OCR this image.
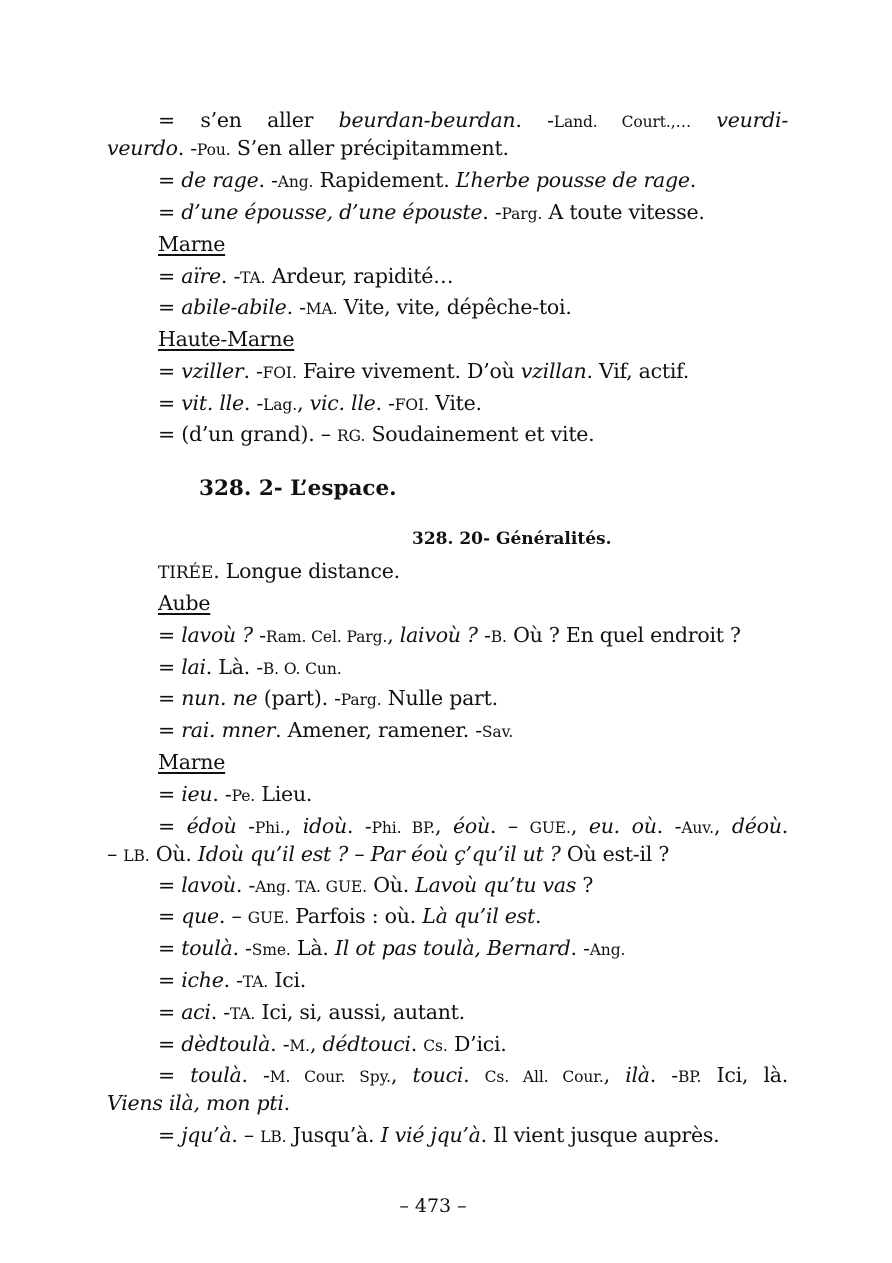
= s’en aller beurdan-beurdan. -Land. Court.,… veurdi-
veurdo. -Pou. S’en aller précipitamment.
= de rage. -Ang. Rapidement. L’herbe pousse de rage.
= d’une épousse, d’une épouste. -Parg. A toute vitesse.
Marne
= aïre. -TA. Ardeur, rapidité…
= abile-abile. -MA. Vite, vite, dépêche-toi.
Haute-Marne
= vziller. -FOI. Faire vivement. D’où vzillan. Vif, actif.
= vit. lle. -Lag., vic. lle. -FOI. Vite.
= (d’un grand). – RG. Soudainement et vite.
328. 2- L’espace.
328. 20- Généralités.
TIRÉE. Longue distance.
Aube
= lavoù ? -Ram. Cel. Parg., laivoù ? -B. Où ? En quel endroit ?
= lai. Là. -B. O. Cun.
= nun. ne (part). -Parg. Nulle part.
= rai. mner. Amener, ramener. -Sav.
Marne
= ieu. -Pe. Lieu.
= édoù -Phi., idoù. -Phi. BP., éoù. – GUE., eu. où. -Auv., déoù.
– LB. Où. Idoù qu’il est ? – Par éoù ç’qu’il ut ? Où est-il ?
= lavoù. -Ang. TA. GUE. Où. Lavoù qu’tu vas ?
= que. – GUE. Parfois : où. Là qu’il est.
= toulà. -Sme. Là. Il ot pas toulà, Bernard. -Ang.
= iche. -TA. Ici.
= aci. -TA. Ici, si, aussi, autant.
= dèdtoulà. -M., dédtouci. Cs. D’ici.
= toulà. -M. Cour. Spy., touci. Cs. All. Cour., ilà. -BP. Ici, là.
Viens ilà, mon pti.
= jqu’à. – LB. Jusqu’à. I vié jqu’à. Il vient jusque auprès.
– 473 –
